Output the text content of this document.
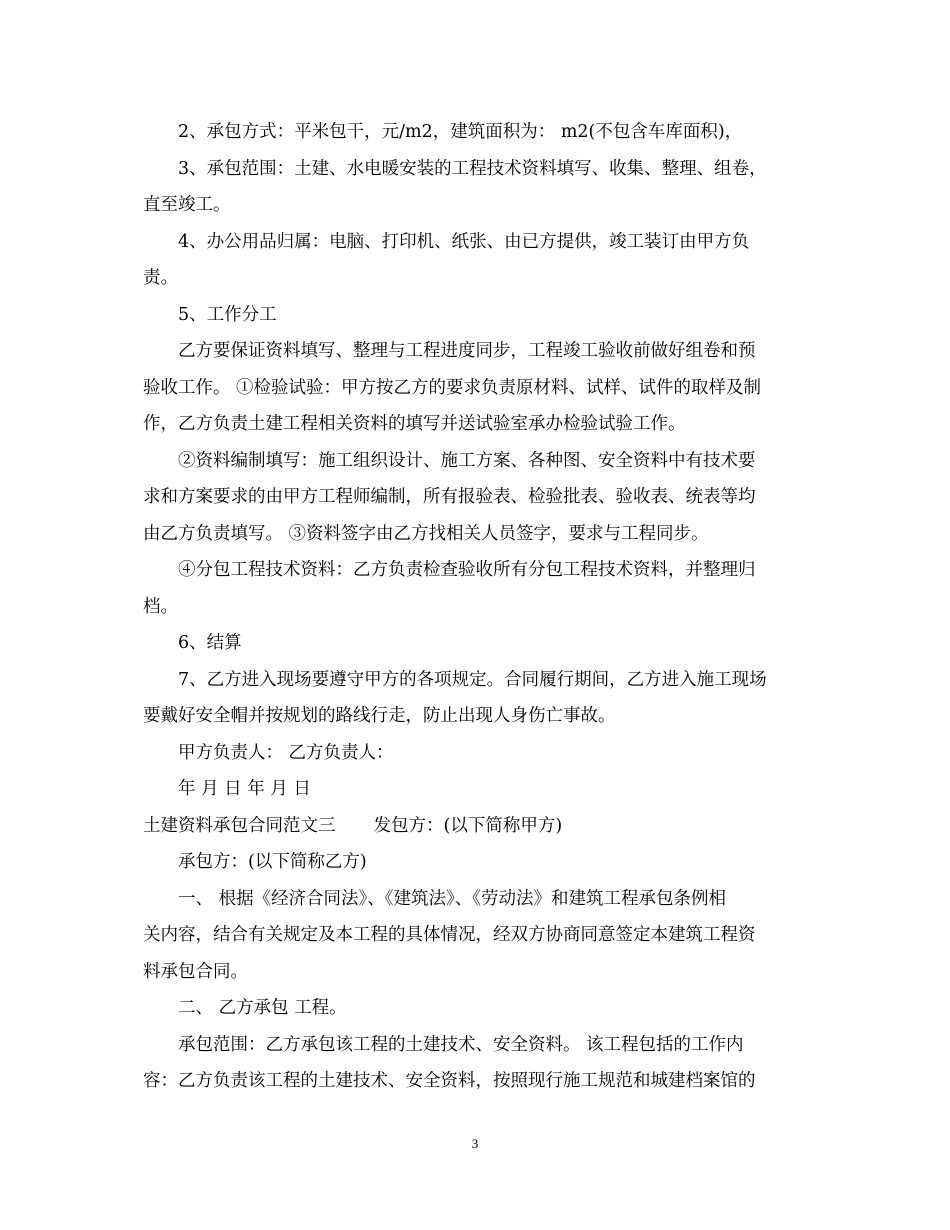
2、承包方式：平米包干，元/m2，建筑面积为： m2(不包含车库面积)，
3、承包范围：土建、水电暖安装的工程技术资料填写、收集、整理、组卷，
直至竣工。
4、办公用品归属：电脑、打印机、纸张、由已方提供，竣工装订由甲方负
责。
5、工作分工
乙方要保证资料填写、整理与工程进度同步，工程竣工验收前做好组卷和预
验收工作。 ①检验试验：甲方按乙方的要求负责原材料、试样、试件的取样及制
作，乙方负责土建工程相关资料的填写并送试验室承办检验试验工作。
②资料编制填写：施工组织设计、施工方案、各种图、安全资料中有技术要
求和方案要求的由甲方工程师编制，所有报验表、检验批表、验收表、统表等均
由乙方负责填写。 ③资料签字由乙方找相关人员签字，要求与工程同步。
④分包工程技术资料：乙方负责检查验收所有分包工程技术资料，并整理归
档。
6、结算
7、乙方进入现场要遵守甲方的各项规定。合同履行期间，乙方进入施工现场
要戴好安全帽并按规划的路线行走，防止出现人身伤亡事故。
甲方负责人： 乙方负责人：
年 月 日 年 月 日
土建资料承包合同范文三 发包方：(以下简称甲方)
承包方：(以下简称乙方)
一、 根据《经济合同法》、《建筑法》、《劳动法》和建筑工程承包条例相
关内容，结合有关规定及本工程的具体情况，经双方协商同意签定本建筑工程资
料承包合同。
二、 乙方承包 工程。
承包范围：乙方承包该工程的土建技术、安全资料。 该工程包括的工作内
容：乙方负责该工程的土建技术、安全资料，按照现行施工规范和城建档案馆的
3
